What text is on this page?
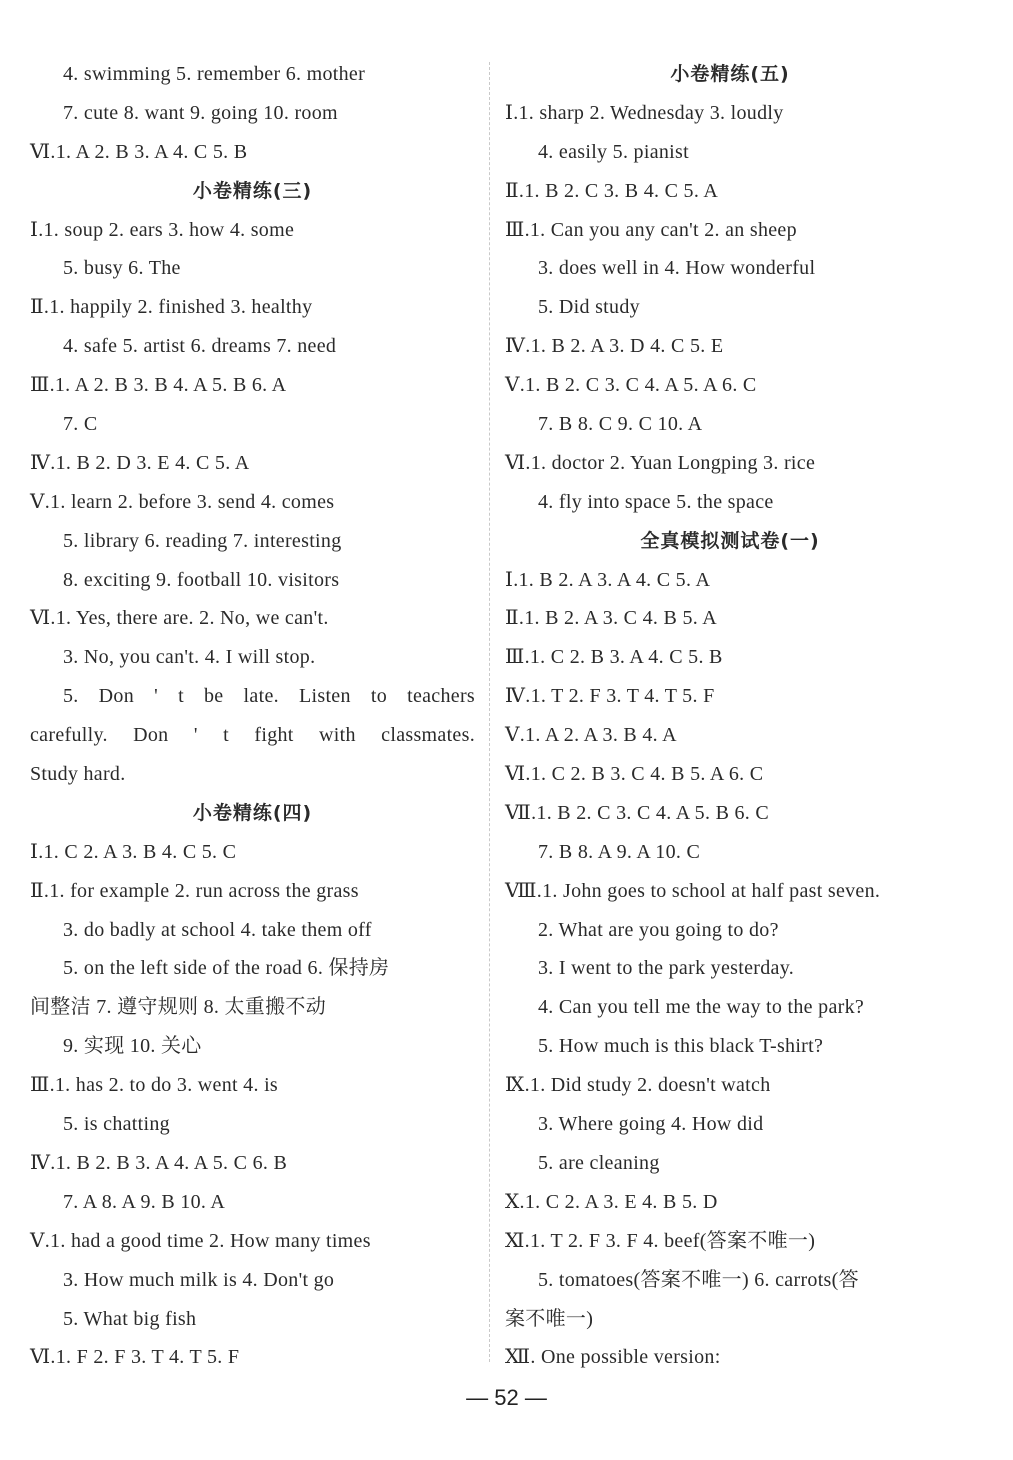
4. swimming 5. remember 6. mother
7. cute 8. want 9. going 10. room
Ⅵ.1. A 2. B 3. A 4. C 5. B
小卷精练(三)
Ⅰ.1. soup 2. ears 3. how 4. some
5. busy 6. The
Ⅱ.1. happily 2. finished 3. healthy
4. safe 5. artist 6. dreams 7. need
Ⅲ.1. A 2. B 3. B 4. A 5. B 6. A
7. C
Ⅳ.1. B 2. D 3. E 4. C 5. A
Ⅴ.1. learn 2. before 3. send 4. comes
5. library 6. reading 7. interesting
8. exciting 9. football 10. visitors
Ⅵ.1. Yes, there are. 2. No, we can't.
3. No, you can't. 4. I will stop.
5. Don ' t be late. Listen to teachers
carefully. Don ' t fight with classmates.
Study hard.
小卷精练(四)
Ⅰ.1. C 2. A 3. B 4. C 5. C
Ⅱ.1. for example 2. run across the grass
3. do badly at school 4. take them off
5. on the left side of the road 6. 保持房
间整洁 7. 遵守规则 8. 太重搬不动
9. 实现 10. 关心
Ⅲ.1. has 2. to do 3. went 4. is
5. is chatting
Ⅳ.1. B 2. B 3. A 4. A 5. C 6. B
7. A 8. A 9. B 10. A
Ⅴ.1. had a good time 2. How many times
3. How much milk is 4. Don't go
5. What big fish
Ⅵ.1. F 2. F 3. T 4. T 5. F
小卷精练(五)
Ⅰ.1. sharp 2. Wednesday 3. loudly
4. easily 5. pianist
Ⅱ.1. B 2. C 3. B 4. C 5. A
Ⅲ.1. Can you any can't 2. an sheep
3. does well in 4. How wonderful
5. Did study
Ⅳ.1. B 2. A 3. D 4. C 5. E
Ⅴ.1. B 2. C 3. C 4. A 5. A 6. C
7. B 8. C 9. C 10. A
Ⅵ.1. doctor 2. Yuan Longping 3. rice
4. fly into space 5. the space
全真模拟测试卷(一)
Ⅰ.1. B 2. A 3. A 4. C 5. A
Ⅱ.1. B 2. A 3. C 4. B 5. A
Ⅲ.1. C 2. B 3. A 4. C 5. B
Ⅳ.1. T 2. F 3. T 4. T 5. F
Ⅴ.1. A 2. A 3. B 4. A
Ⅵ.1. C 2. B 3. C 4. B 5. A 6. C
Ⅶ.1. B 2. C 3. C 4. A 5. B 6. C
7. B 8. A 9. A 10. C
Ⅷ.1. John goes to school at half past seven.
2. What are you going to do?
3. I went to the park yesterday.
4. Can you tell me the way to the park?
5. How much is this black T-shirt?
Ⅸ.1. Did study 2. doesn't watch
3. Where going 4. How did
5. are cleaning
Ⅹ.1. C 2. A 3. E 4. B 5. D
Ⅺ.1. T 2. F 3. F 4. beef(答案不唯一)
5. tomatoes(答案不唯一) 6. carrots(答
案不唯一)
Ⅻ. One possible version:
— 52 —
